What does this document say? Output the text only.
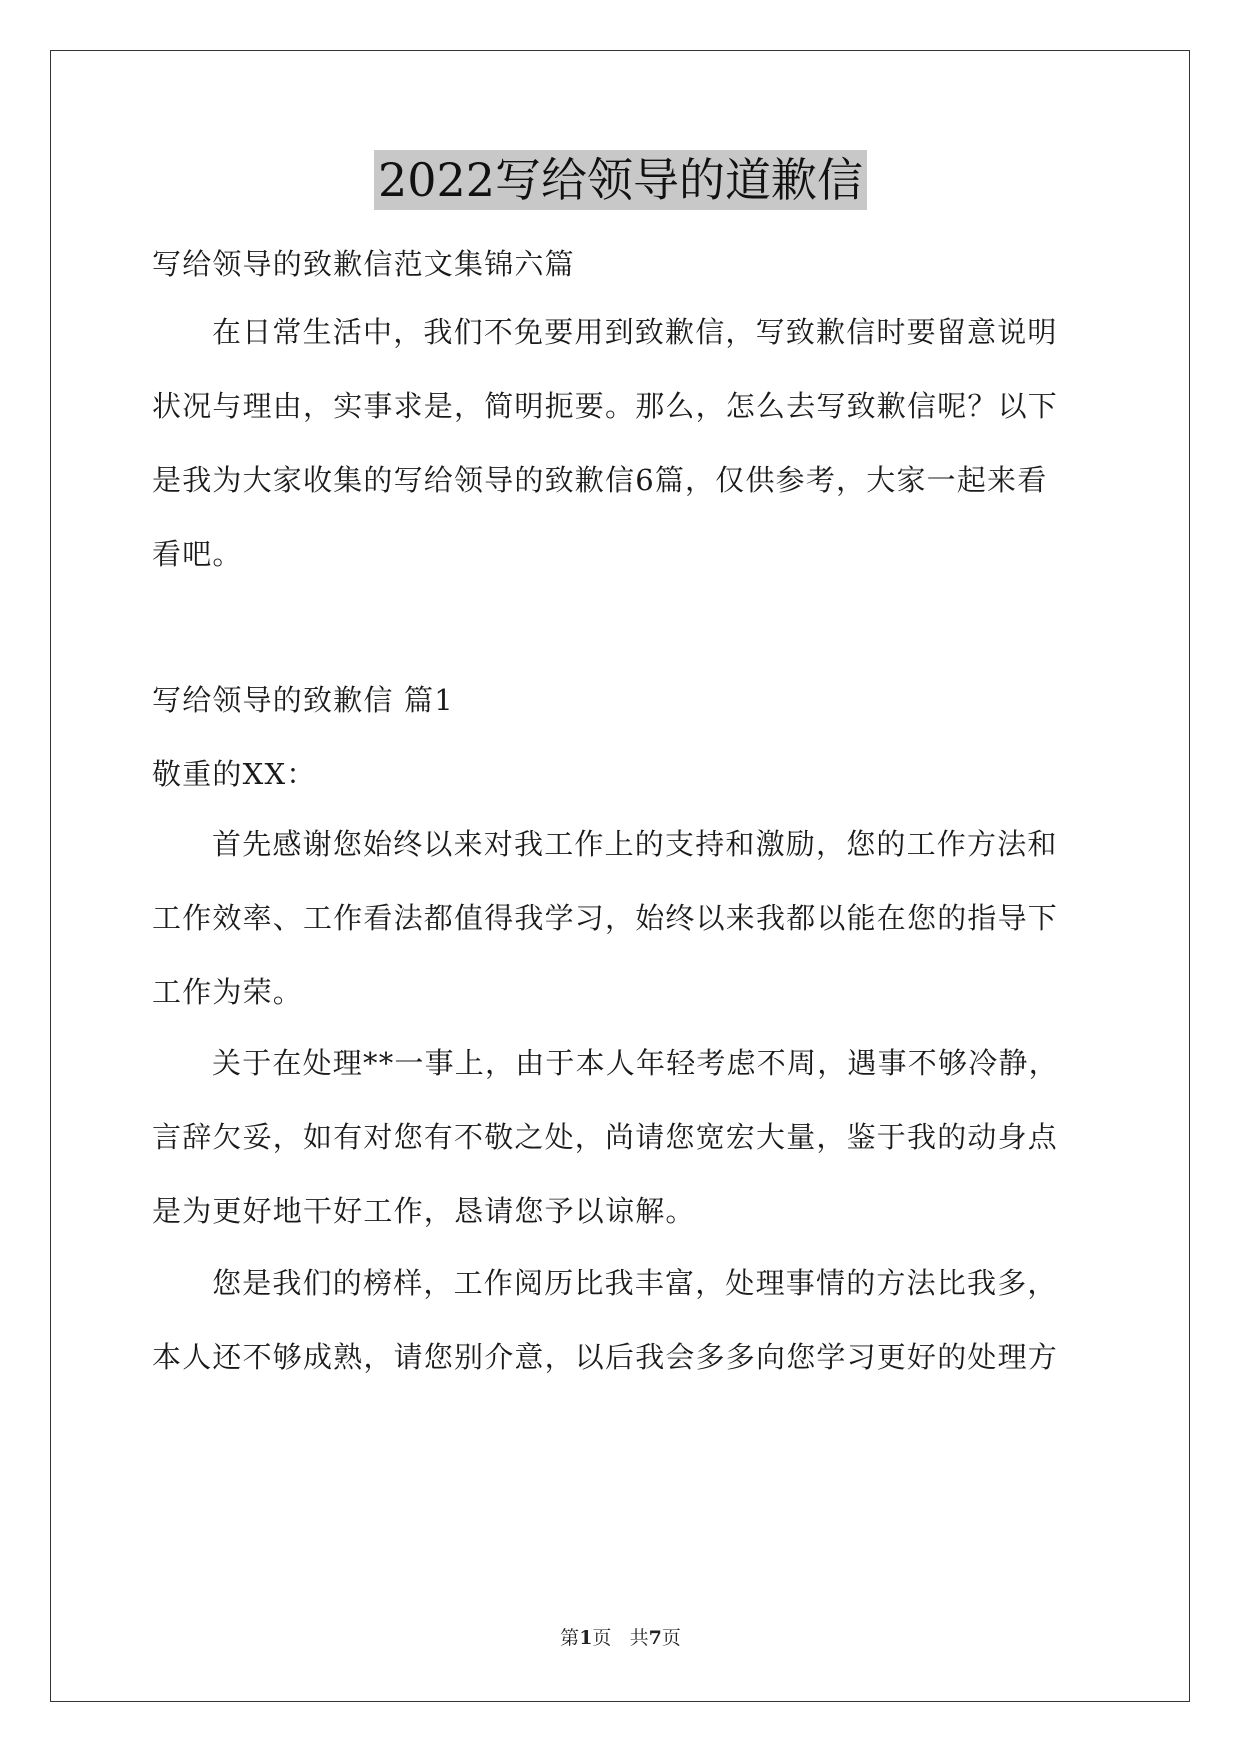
2022写给领导的道歉信
写给领导的致歉信范文集锦六篇
在日常生活中，我们不免要用到致歉信，写致歉信时要留意说明
状况与理由，实事求是，简明扼要。那么，怎么去写致歉信呢？以下
是我为大家收集的写给领导的致歉信6篇，仅供参考，大家一起来看
看吧。
写给领导的致歉信 篇1
敬重的XX：
首先感谢您始终以来对我工作上的支持和激励，您的工作方法和
工作效率、工作看法都值得我学习，始终以来我都以能在您的指导下
工作为荣。
关于在处理**一事上，由于本人年轻考虑不周，遇事不够冷静，
言辞欠妥，如有对您有不敬之处，尚请您宽宏大量，鉴于我的动身点
是为更好地干好工作，恳请您予以谅解。
您是我们的榜样，工作阅历比我丰富，处理事情的方法比我多，
本人还不够成熟，请您别介意，以后我会多多向您学习更好的处理方
第1页 共7页
